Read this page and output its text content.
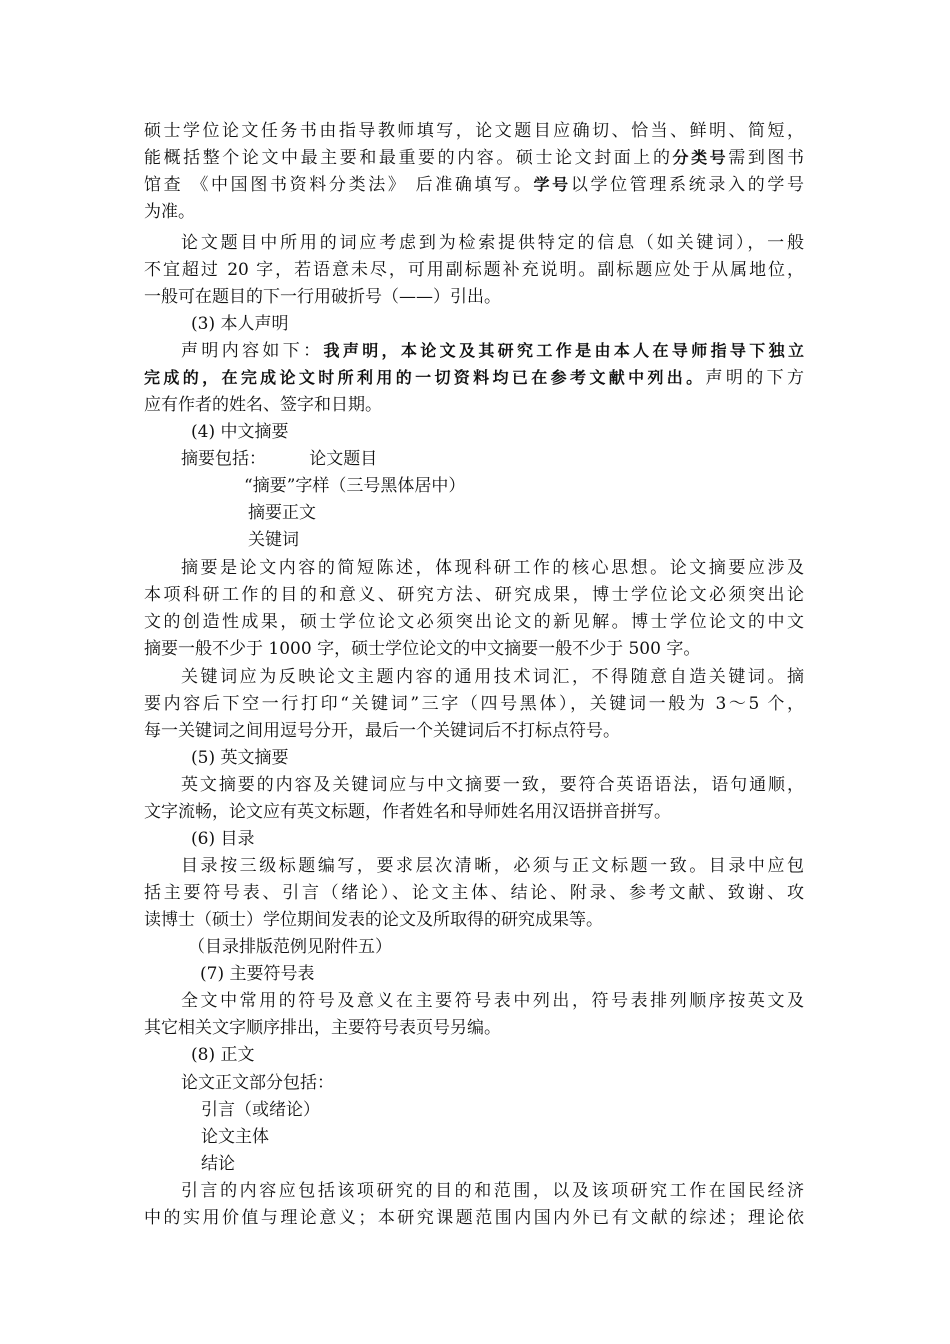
硕士学位论文任务书由指导教师填写，论文题目应确切、恰当、鲜明、简短，
能概括整个论文中最主要和最重要的内容。硕士论文封面上的分类号需到图书
馆查 《中国图书资料分类法》 后准确填写。学号以学位管理系统录入的学号
为准。
论文题目中所用的词应考虑到为检索提供特定的信息（如关键词），一般
不宜超过 20 字，若语意未尽，可用副标题补充说明。副标题应处于从属地位，
一般可在题目的下一行用破折号（——）引出。
(3) 本人声明
声明内容如下：我声明，本论文及其研究工作是由本人在导师指导下独立
完成的，在完成论文时所利用的一切资料均已在参考文献中列出。声明的下方
应有作者的姓名、签字和日期。
(4) 中文摘要
摘要包括：        论文题目
“摘要”字样（三号黑体居中）
摘要正文
关键词
摘要是论文内容的简短陈述，体现科研工作的核心思想。论文摘要应涉及
本项科研工作的目的和意义、研究方法、研究成果，博士学位论文必须突出论
文的创造性成果，硕士学位论文必须突出论文的新见解。博士学位论文的中文
摘要一般不少于 1000 字，硕士学位论文的中文摘要一般不少于 500 字。
关键词应为反映论文主题内容的通用技术词汇，不得随意自造关键词。摘
要内容后下空一行打印“关键词”三字（四号黑体），关键词一般为 3～5 个，
每一关键词之间用逗号分开，最后一个关键词后不打标点符号。
(5) 英文摘要
英文摘要的内容及关键词应与中文摘要一致，要符合英语语法，语句通顺，
文字流畅，论文应有英文标题，作者姓名和导师姓名用汉语拼音拼写。
(6) 目录
目录按三级标题编写，要求层次清晰，必须与正文标题一致。目录中应包
括主要符号表、引言（绪论）、论文主体、结论、附录、参考文献、致谢、攻
读博士（硕士）学位期间发表的论文及所取得的研究成果等。
（目录排版范例见附件五）
(7) 主要符号表
全文中常用的符号及意义在主要符号表中列出，符号表排列顺序按英文及
其它相关文字顺序排出，主要符号表页号另编。
(8) 正文
论文正文部分包括：
引言（或绪论）
论文主体
结论
引言的内容应包括该项研究的目的和范围，以及该项研究工作在国民经济
中的实用价值与理论意义；本研究课题范围内国内外已有文献的综述；理论依
